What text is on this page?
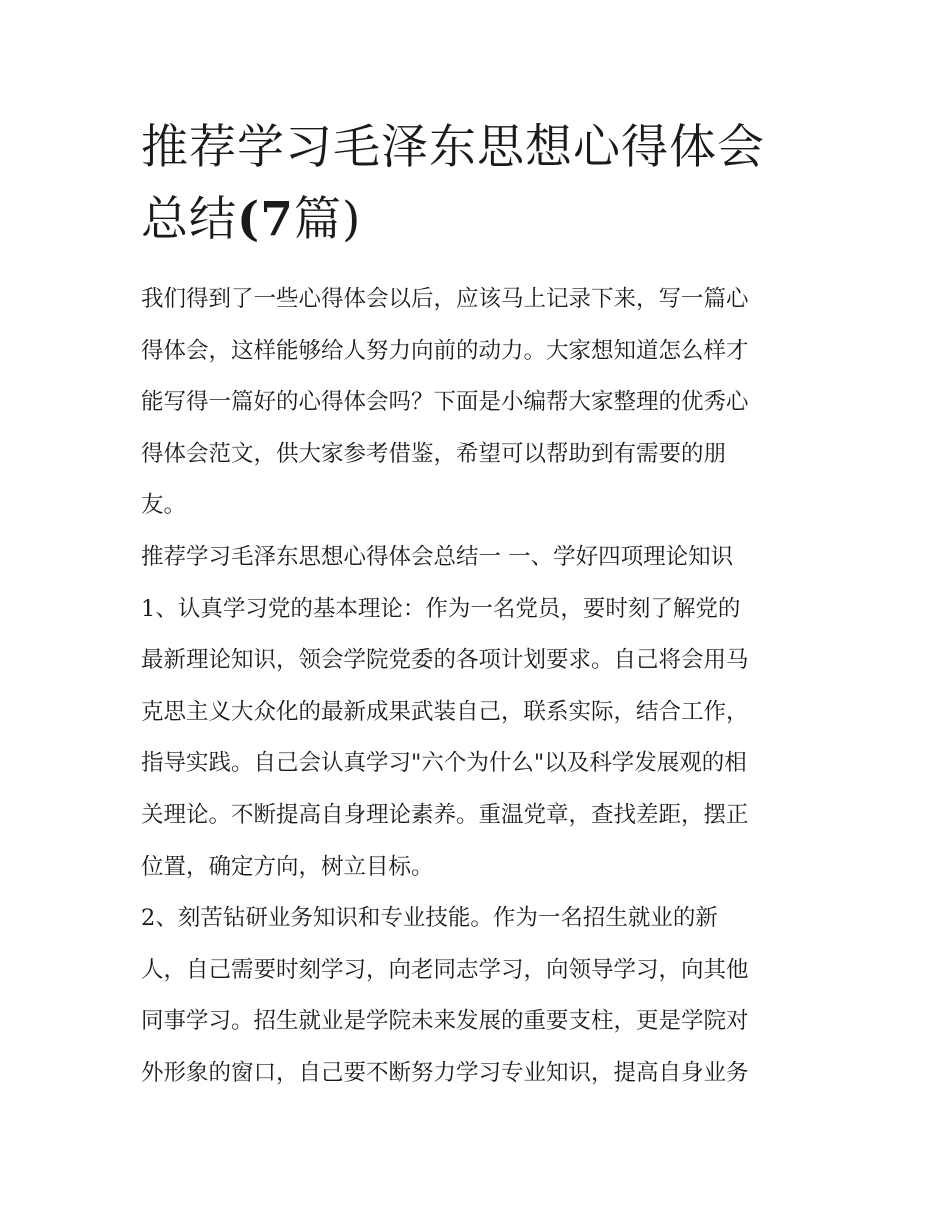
推荐学习毛泽东思想心得体会
总结(7篇)
我们得到了一些心得体会以后，应该马上记录下来，写一篇心
得体会，这样能够给人努力向前的动力。大家想知道怎么样才
能写得一篇好的心得体会吗？下面是小编帮大家整理的优秀心
得体会范文，供大家参考借鉴，希望可以帮助到有需要的朋
友。
推荐学习毛泽东思想心得体会总结一 一、学好四项理论知识
1、认真学习党的基本理论：作为一名党员，要时刻了解党的
最新理论知识，领会学院党委的各项计划要求。自己将会用马
克思主义大众化的最新成果武装自己，联系实际，结合工作，
指导实践。自己会认真学习"六个为什么"以及科学发展观的相
关理论。不断提高自身理论素养。重温党章，查找差距，摆正
位置，确定方向，树立目标。
2、刻苦钻研业务知识和专业技能。作为一名招生就业的新
人，自己需要时刻学习，向老同志学习，向领导学习，向其他
同事学习。招生就业是学院未来发展的重要支柱，更是学院对
外形象的窗口，自己要不断努力学习专业知识，提高自身业务
